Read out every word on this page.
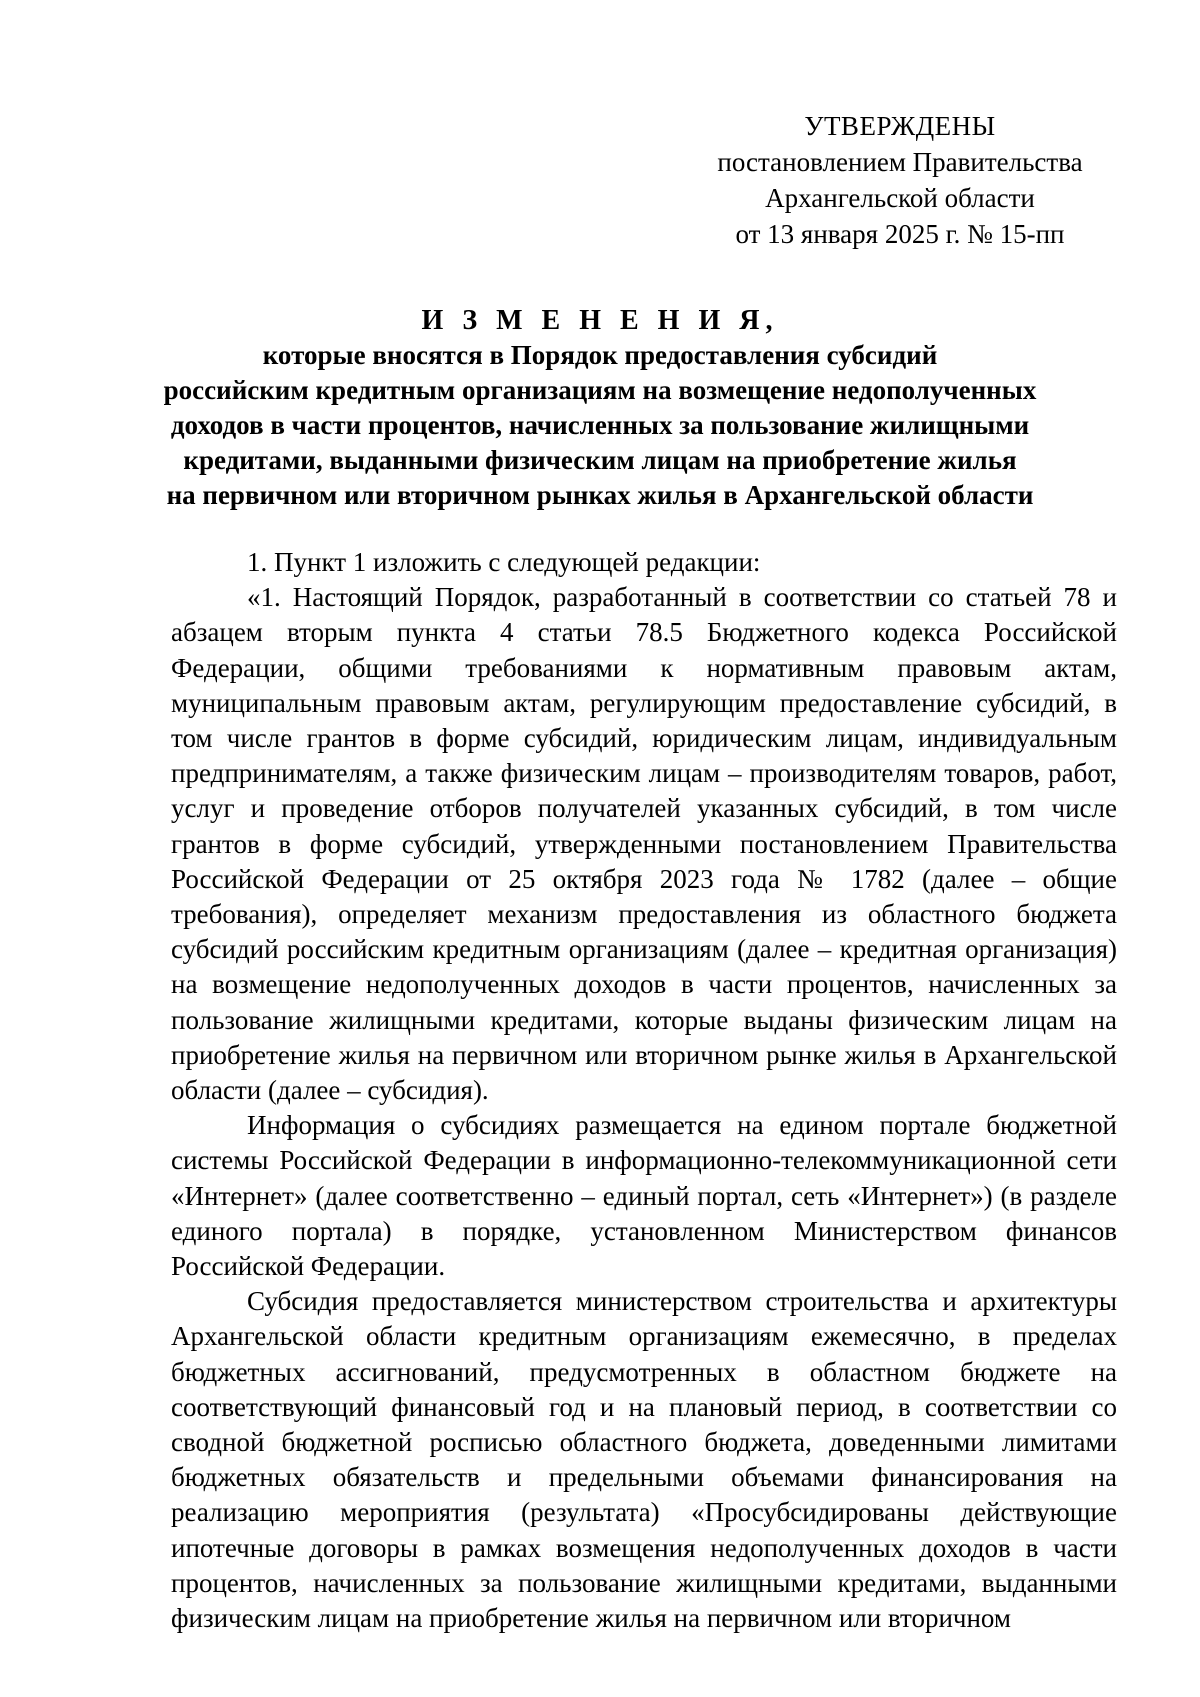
УТВЕРЖДЕНЫ
постановлением Правительства
Архангельской области
от 13 января 2025 г. № 15-пп
И З М Е Н Е Н И Я,
которые вносятся в Порядок предоставления субсидий
российским кредитным организациям на возмещение недополученных
доходов в части процентов, начисленных за пользование жилищными
кредитами, выданными физическим лицам на приобретение жилья
на первичном или вторичном рынках жилья в Архангельской области

1. Пункт 1 изложить с следующей редакции:

«1. Настоящий Порядок, разработанный в соответствии со статьей 78 и абзацем вторым пункта 4 статьи 78.5 Бюджетного кодекса Российской Федерации, общими требованиями к нормативным правовым актам, муниципальным правовым актам, регулирующим предоставление субсидий, в том числе грантов в форме субсидий, юридическим лицам, индивидуальным предпринимателям, а также физическим лицам – производителям товаров, работ, услуг и проведение отборов получателей указанных субсидий, в том числе грантов в форме субсидий, утвержденными постановлением Правительства Российской Федерации от 25 октября 2023 года № 1782 (далее – общие требования), определяет механизм предоставления из областного бюджета субсидий российским кредитным организациям (далее – кредитная организация) на возмещение недополученных доходов в части процентов, начисленных за пользование жилищными кредитами, которые выданы физическим лицам на приобретение жилья на первичном или вторичном рынке жилья в Архангельской области (далее – субсидия).

Информация о субсидиях размещается на едином портале бюджетной системы Российской Федерации в информационно-телекоммуникационной сети «Интернет» (далее соответственно – единый портал, сеть «Интернет») (в разделе единого портала) в порядке, установленном Министерством финансов Российской Федерации.

Субсидия предоставляется министерством строительства и архитектуры Архангельской области кредитным организациям ежемесячно, в пределах бюджетных ассигнований, предусмотренных в областном бюджете на соответствующий финансовый год и на плановый период, в соответствии со сводной бюджетной росписью областного бюджета, доведенными лимитами бюджетных обязательств и предельными объемами финансирования на реализацию мероприятия (результата) «Просубсидированы действующие ипотечные договоры в рамках возмещения недополученных доходов в части процентов, начисленных за пользование жилищными кредитами, выданными физическим лицам на приобретение жилья на первичном или вторичном
